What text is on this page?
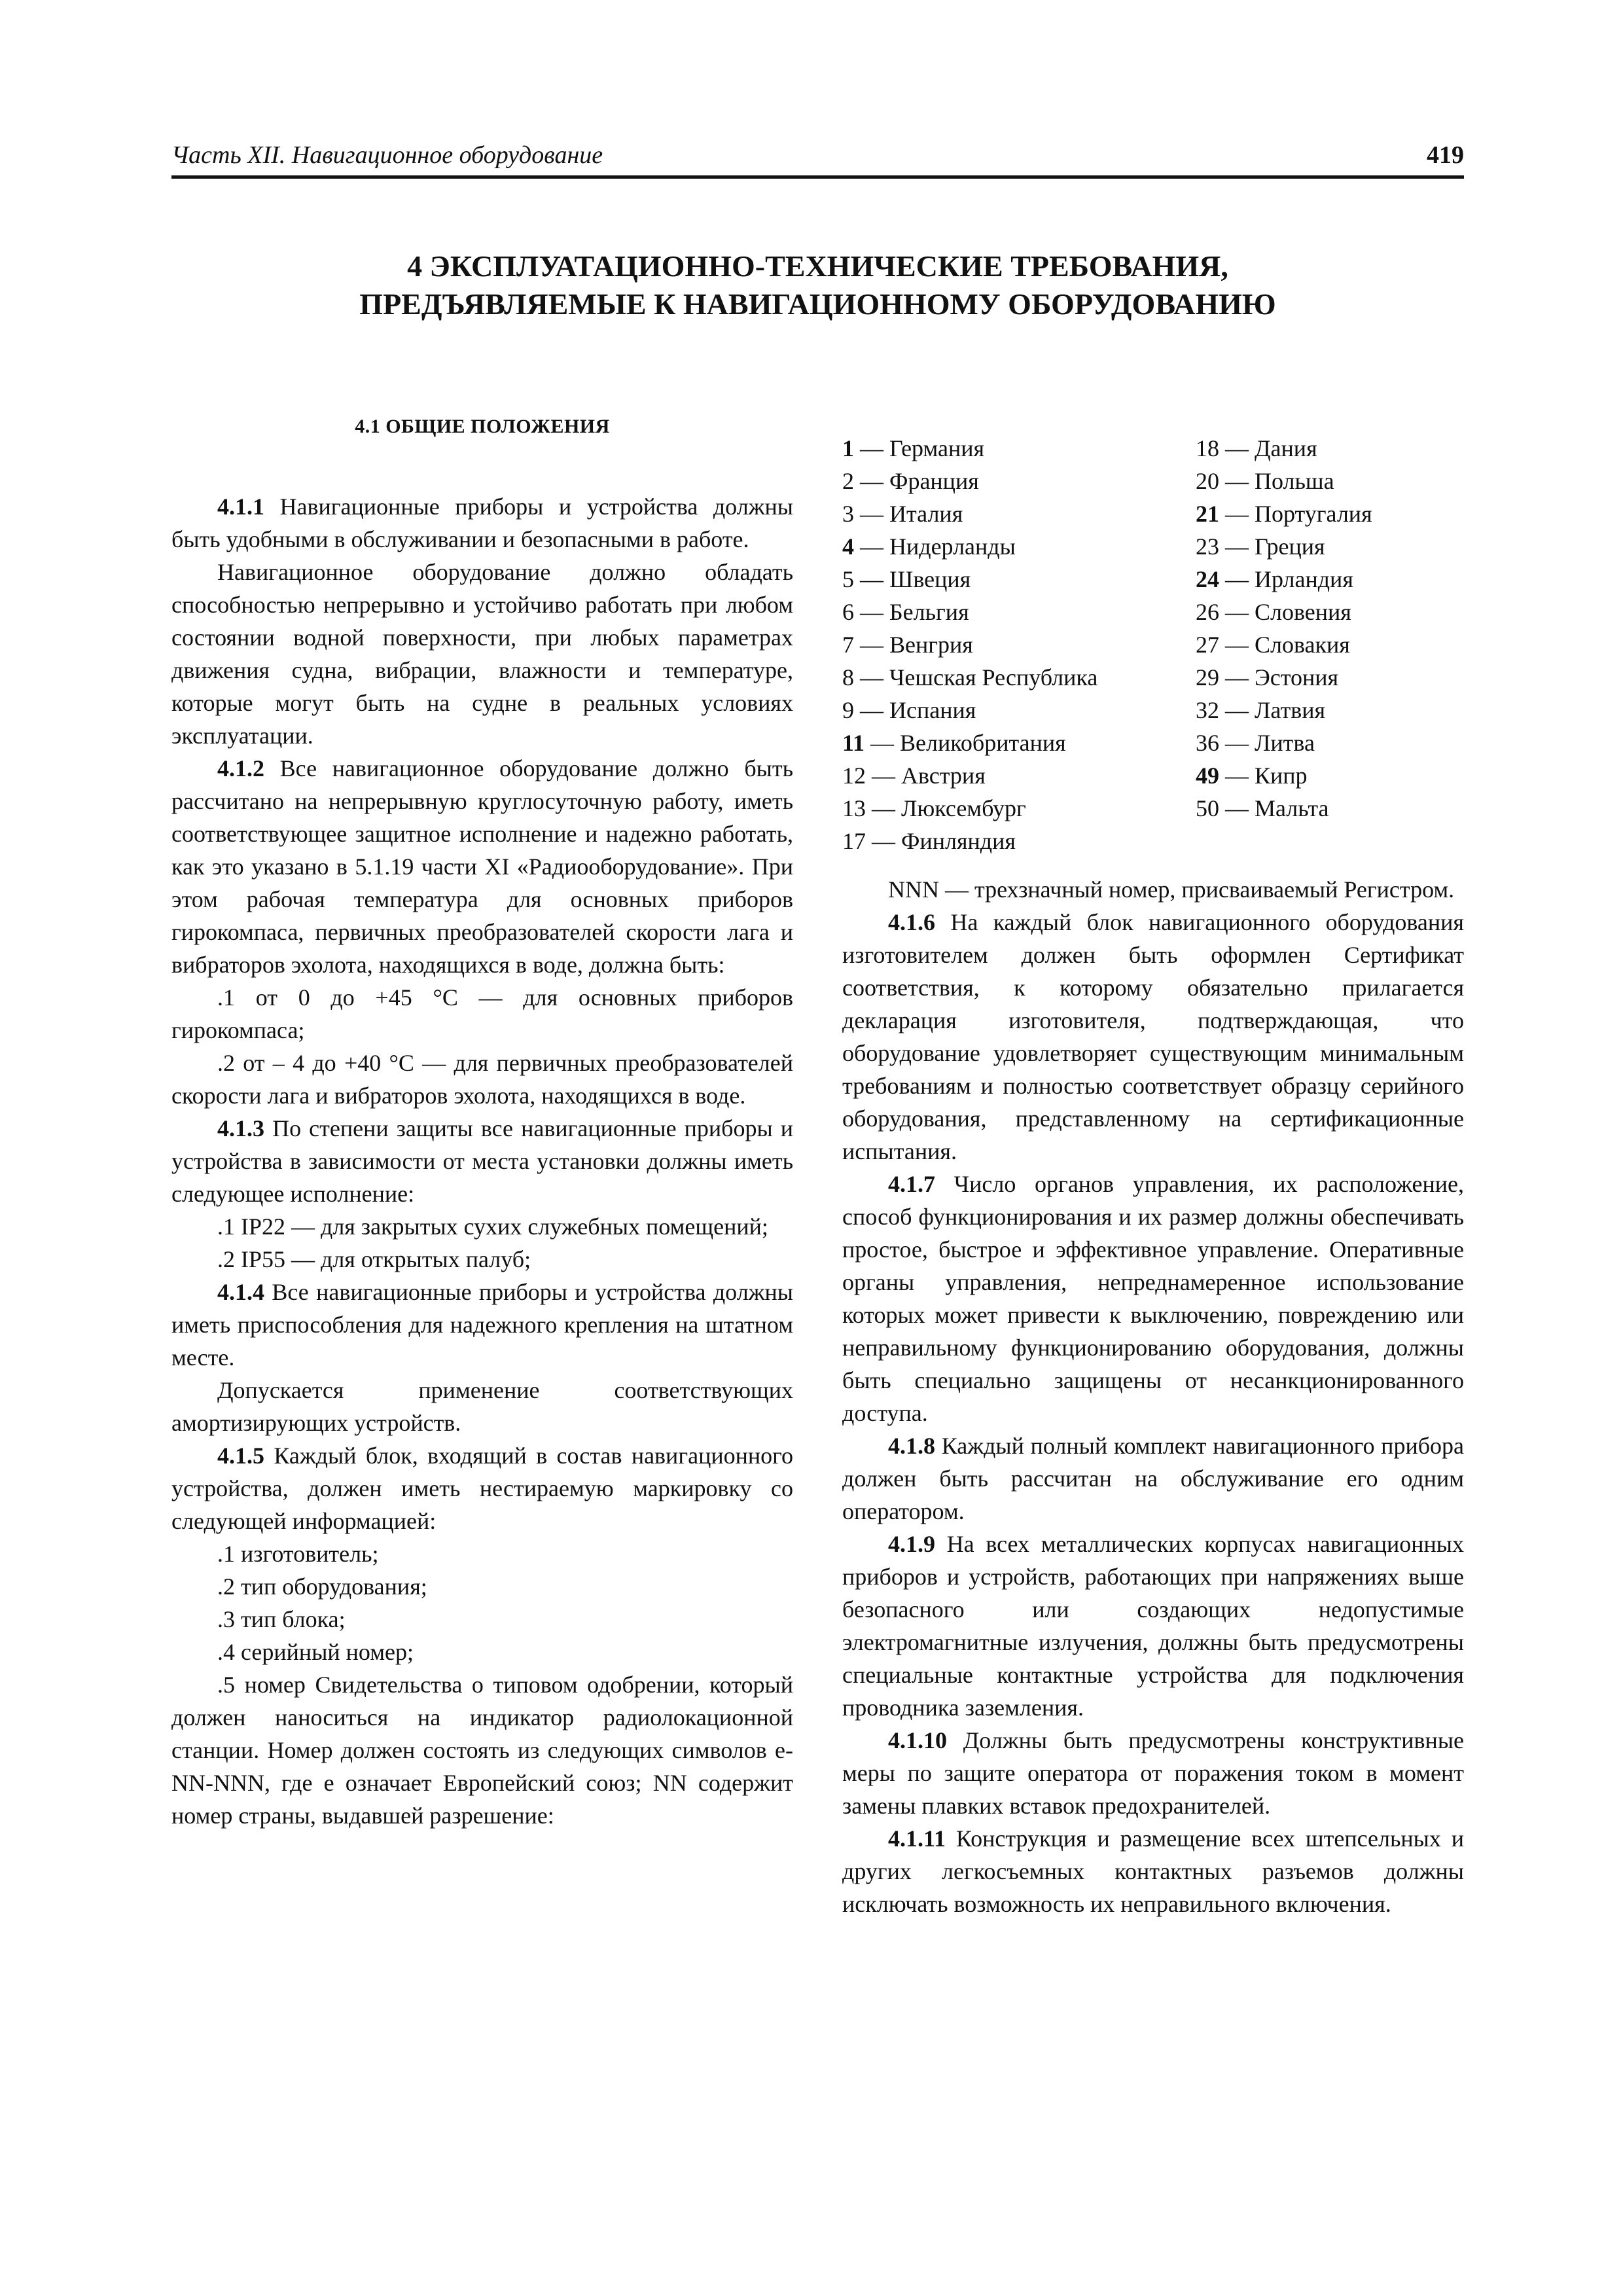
Часть XII. Навигационное оборудование	419
4 ЭКСПЛУАТАЦИОННО-ТЕХНИЧЕСКИЕ ТРЕБОВАНИЯ,
ПРЕДЪЯВЛЯЕМЫЕ К НАВИГАЦИОННОМУ ОБОРУДОВАНИЮ
4.1 ОБЩИЕ ПОЛОЖЕНИЯ

4.1.1 Навигационные приборы и устройства должны быть удобными в обслуживании и безопасными в работе.

Навигационное оборудование должно обладать способностью непрерывно и устойчиво работать при любом состоянии водной поверхности, при любых параметрах движения судна, вибрации, влажности и температуре, которые могут быть на судне в реальных условиях эксплуатации.

4.1.2 Все навигационное оборудование должно быть рассчитано на непрерывную круглосуточную работу, иметь соответствующее защитное исполнение и надежно работать, как это указано в 5.1.19 части XI «Радиооборудование». При этом рабочая температура для основных приборов гирокомпаса, первичных преобразователей скорости лага и вибраторов эхолота, находящихся в воде, должна быть:

.1 от 0 до +45 °С — для основных приборов гирокомпаса;

.2 от – 4 до +40 °С — для первичных преобразователей скорости лага и вибраторов эхолота, находящихся в воде.

4.1.3 По степени защиты все навигационные приборы и устройства в зависимости от места установки должны иметь следующее исполнение:

.1 IP22 — для закрытых сухих служебных помещений;

.2 IP55 — для открытых палуб;

4.1.4 Все навигационные приборы и устройства должны иметь приспособления для надежного крепления на штатном месте.

Допускается применение соответствующих амортизирующих устройств.

4.1.5 Каждый блок, входящий в состав навигационного устройства, должен иметь нестираемую маркировку со следующей информацией:

.1 изготовитель;

.2 тип оборудования;

.3 тип блока;

.4 серийный номер;

.5 номер Свидетельства о типовом одобрении, который должен наноситься на индикатор радиолокационной станции. Номер должен состоять из следующих символов e-NN-NNN, где e означает Европейский союз; NN содержит номер страны, выдавшей разрешение:

1 — Германия
2 — Франция
3 — Италия
4 — Нидерланды
5 — Швеция
6 — Бельгия
7 — Венгрия
8 — Чешская Республика
9 — Испания
11 — Великобритания
12 — Австрия
13 — Люксембург
17 — Финляндия
18 — Дания
20 — Польша
21 — Португалия
23 — Греция
24 — Ирландия
26 — Словения
27 — Словакия
29 — Эстония
32 — Латвия
36 — Литва
49 — Кипр
50 — Мальта

NNN — трехзначный номер, присваиваемый Регистром.

4.1.6 На каждый блок навигационного оборудования изготовителем должен быть оформлен Сертификат соответствия, к которому обязательно прилагается декларация изготовителя, подтверждающая, что оборудование удовлетворяет существующим минимальным требованиям и полностью соответствует образцу серийного оборудования, представленному на сертификационные испытания.

4.1.7 Число органов управления, их расположение, способ функционирования и их размер должны обеспечивать простое, быстрое и эффективное управление. Оперативные органы управления, непреднамеренное использование которых может привести к выключению, повреждению или неправильному функционированию оборудования, должны быть специально защищены от несанкционированного доступа.

4.1.8 Каждый полный комплект навигационного прибора должен быть рассчитан на обслуживание его одним оператором.

4.1.9 На всех металлических корпусах навигационных приборов и устройств, работающих при напряжениях выше безопасного или создающих недопустимые электромагнитные излучения, должны быть предусмотрены специальные контактные устройства для подключения проводника заземления.

4.1.10 Должны быть предусмотрены конструктивные меры по защите оператора от поражения током в момент замены плавких вставок предохранителей.

4.1.11 Конструкция и размещение всех штепсельных и других легкосъемных контактных разъемов должны исключать возможность их неправильного включения.
